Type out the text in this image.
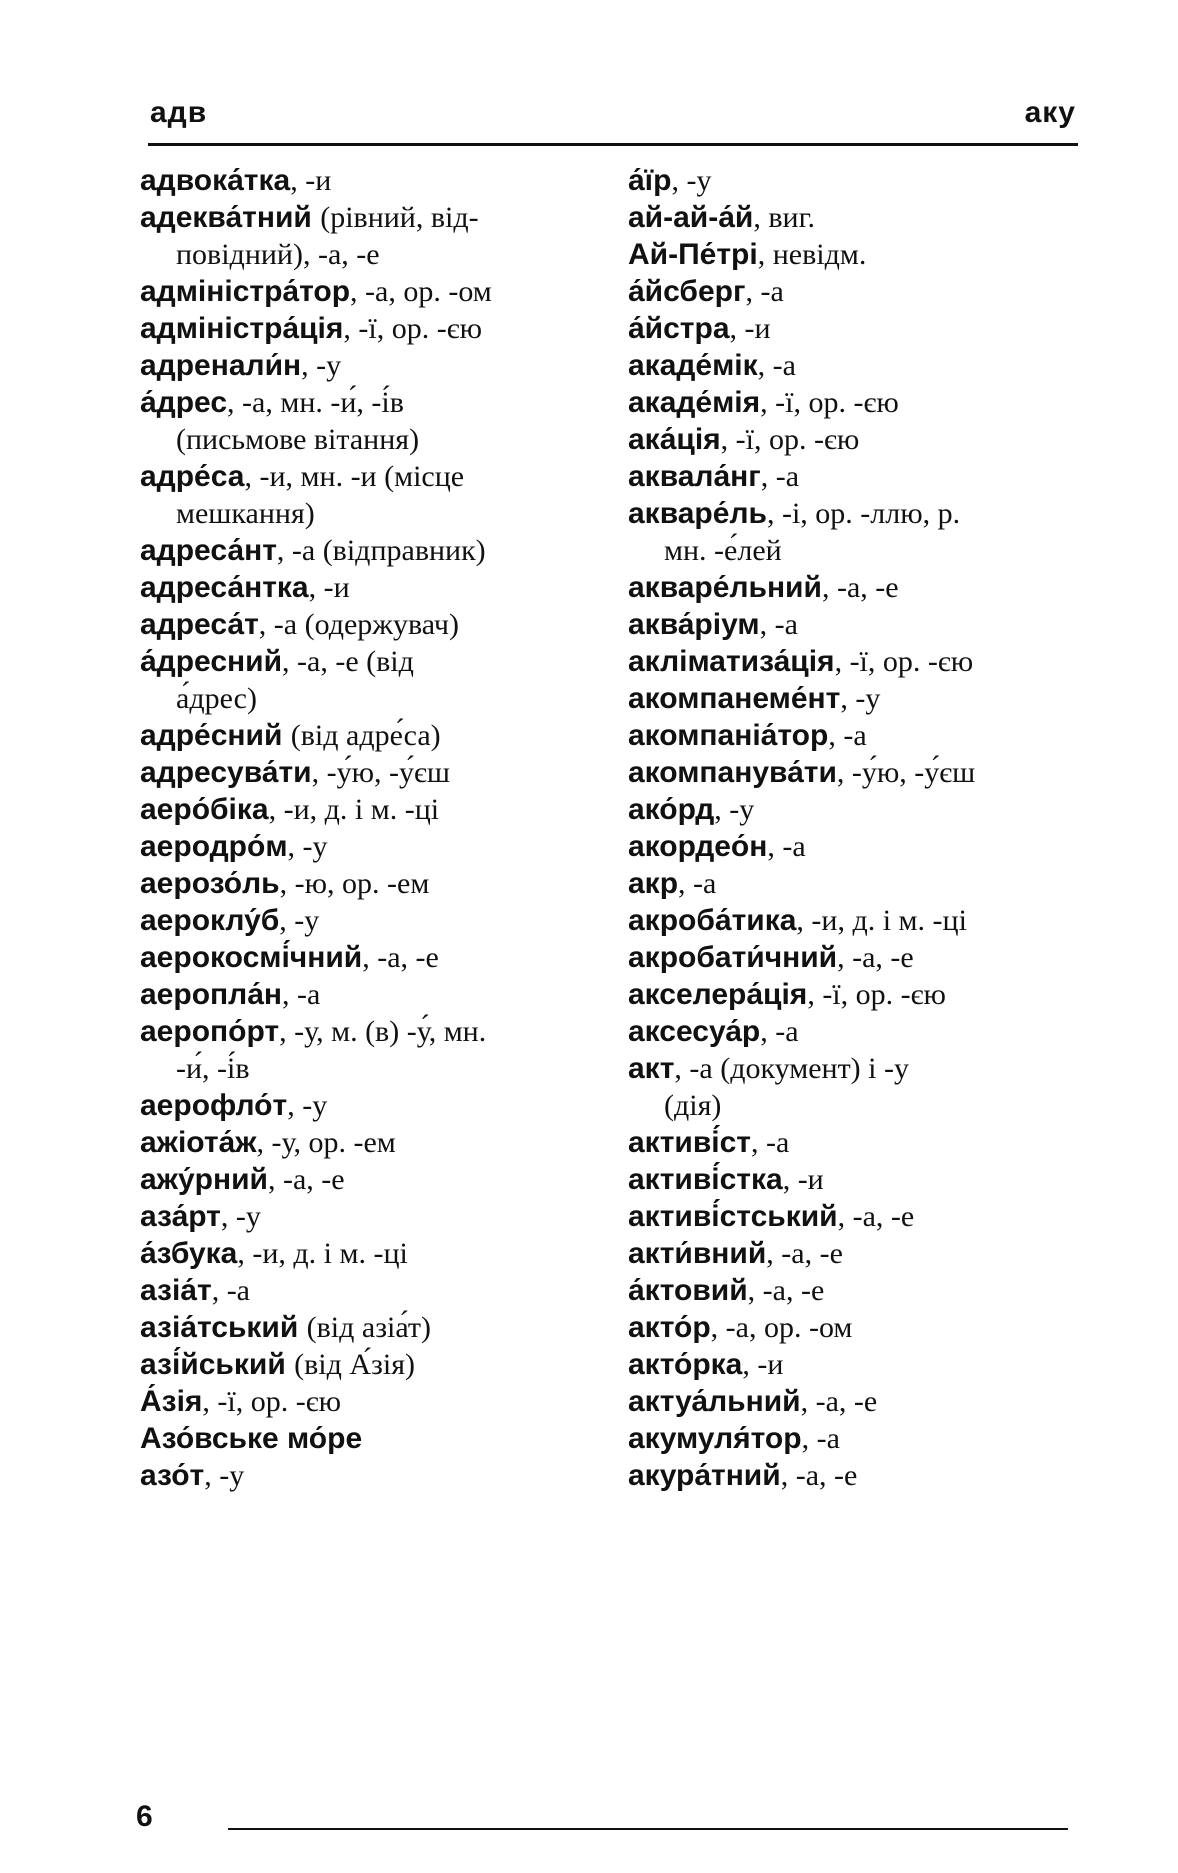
адв	аку
адвока́тка, -и
адеква́тний (рівний, від-
повідний), -а, -е
адміністра́тор, -а, ор. -ом
адміністра́ція, -ї, ор. -єю
адренали́н, -у
а́дрес, -а, мн. -и́, -і́в
(письмове вітання)
адре́са, -и, мн. -и (місце
мешкання)
адреса́нт, -а (відправник)
адреса́нтка, -и
адреса́т, -а (одержувач)
а́дресний, -а, -е (від
а́дрес)
адре́сний (від адре́са)
адресува́ти, -у́ю, -у́єш
аеро́біка, -и, д. і м. -ці
аеродро́м, -у
аерозо́ль, -ю, ор. -ем
аероклу́б, -у
аерокосмі́чний, -а, -е
аеропла́н, -а
аеропо́рт, -у, м. (в) -у́, мн.
-и́, -і́в
аерофло́т, -у
ажіота́ж, -у, ор. -ем
ажу́рний, -а, -е
аза́рт, -у
а́збука, -и, д. і м. -ці
азіа́т, -а
азіа́тський (від азіа́т)
азі́йський (від А́зія)
А́зія, -ї, ор. -єю
Азо́вське мо́ре
азо́т, -у
а́їр, -у
ай-ай-а́й, виг.
Ай-Пе́трі, невідм.
а́йсберг, -а
а́йстра, -и
акаде́мік, -а
акаде́мія, -ї, ор. -єю
ака́ція, -ї, ор. -єю
аквала́нг, -а
акваре́ль, -і, ор. -ллю, р.
мн. -е́лей
акваре́льний, -а, -е
аква́ріум, -а
акліматиза́ція, -ї, ор. -єю
акомпанеме́нт, -у
акомпаніа́тор, -а
акомпанува́ти, -у́ю, -у́єш
ако́рд, -у
акордео́н, -а
акр, -а
акроба́тика, -и, д. і м. -ці
акробати́чний, -а, -е
акселера́ція, -ї, ор. -єю
аксесуа́р, -а
акт, -а (документ) і -у
(дія)
активі́ст, -а
активі́стка, -и
активі́стський, -а, -е
акти́вний, -а, -е
а́ктовий, -а, -е
акто́р, -а, ор. -ом
акто́рка, -и
актуа́льний, -а, -е
акумуля́тор, -а
акура́тний, -а, -е
6
